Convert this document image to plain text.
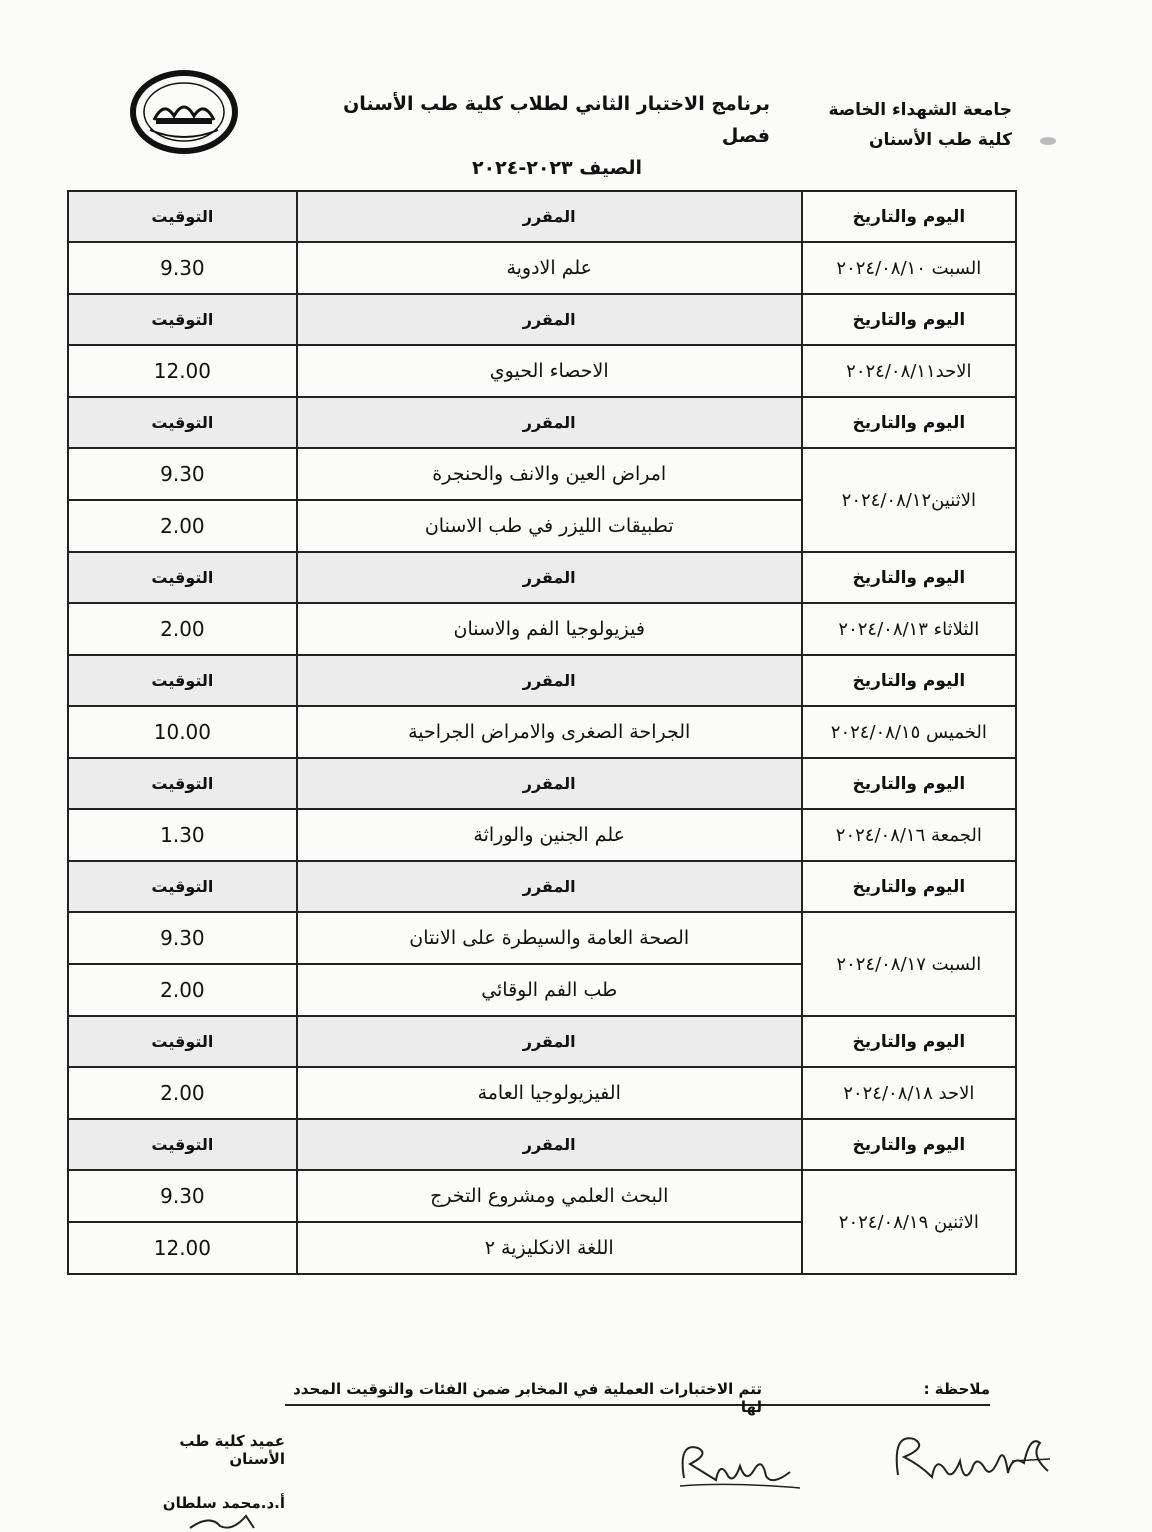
جامعة الشهداء الخاصة
كلية طب الأسنان
برنامج الاختبار الثاني لطلاب كلية طب الأسنان فصل
الصيف ٢٠٢٣-٢٠٢٤
اليوم والتاريخ	المقرر	التوقيت
السبت ٢٠٢٤/٠٨/١٠	علم الادوية	9.30
اليوم والتاريخ	المقرر	التوقيت
الاحد٢٠٢٤/٠٨/١١	الاحصاء الحيوي	12.00
اليوم والتاريخ	المقرر	التوقيت
الاثنين٢٠٢٤/٠٨/١٢	امراض العين والانف والحنجرة	9.30
	تطبيقات الليزر في طب الاسنان	2.00
اليوم والتاريخ	المقرر	التوقيت
الثلاثاء ٢٠٢٤/٠٨/١٣	فيزيولوجيا الفم والاسنان	2.00
اليوم والتاريخ	المقرر	التوقيت
الخميس ٢٠٢٤/٠٨/١٥	الجراحة الصغرى والامراض الجراحية	10.00
اليوم والتاريخ	المقرر	التوقيت
الجمعة ٢٠٢٤/٠٨/١٦	علم الجنين والوراثة	1.30
اليوم والتاريخ	المقرر	التوقيت
السبت ٢٠٢٤/٠٨/١٧	الصحة العامة والسيطرة على الانتان	9.30
	طب الفم الوقائي	2.00
اليوم والتاريخ	المقرر	التوقيت
الاحد ٢٠٢٤/٠٨/١٨	الفيزيولوجيا العامة	2.00
اليوم والتاريخ	المقرر	التوقيت
الاثنين ٢٠٢٤/٠٨/١٩	البحث العلمي ومشروع التخرج	9.30
	اللغة الانكليزية ٢	12.00
ملاحظة :
تتم الاختبارات العملية في المخابر ضمن الفئات والتوقيت المحدد لها
عميد كلية طب الأسنان
أ.د.محمد سلطان
